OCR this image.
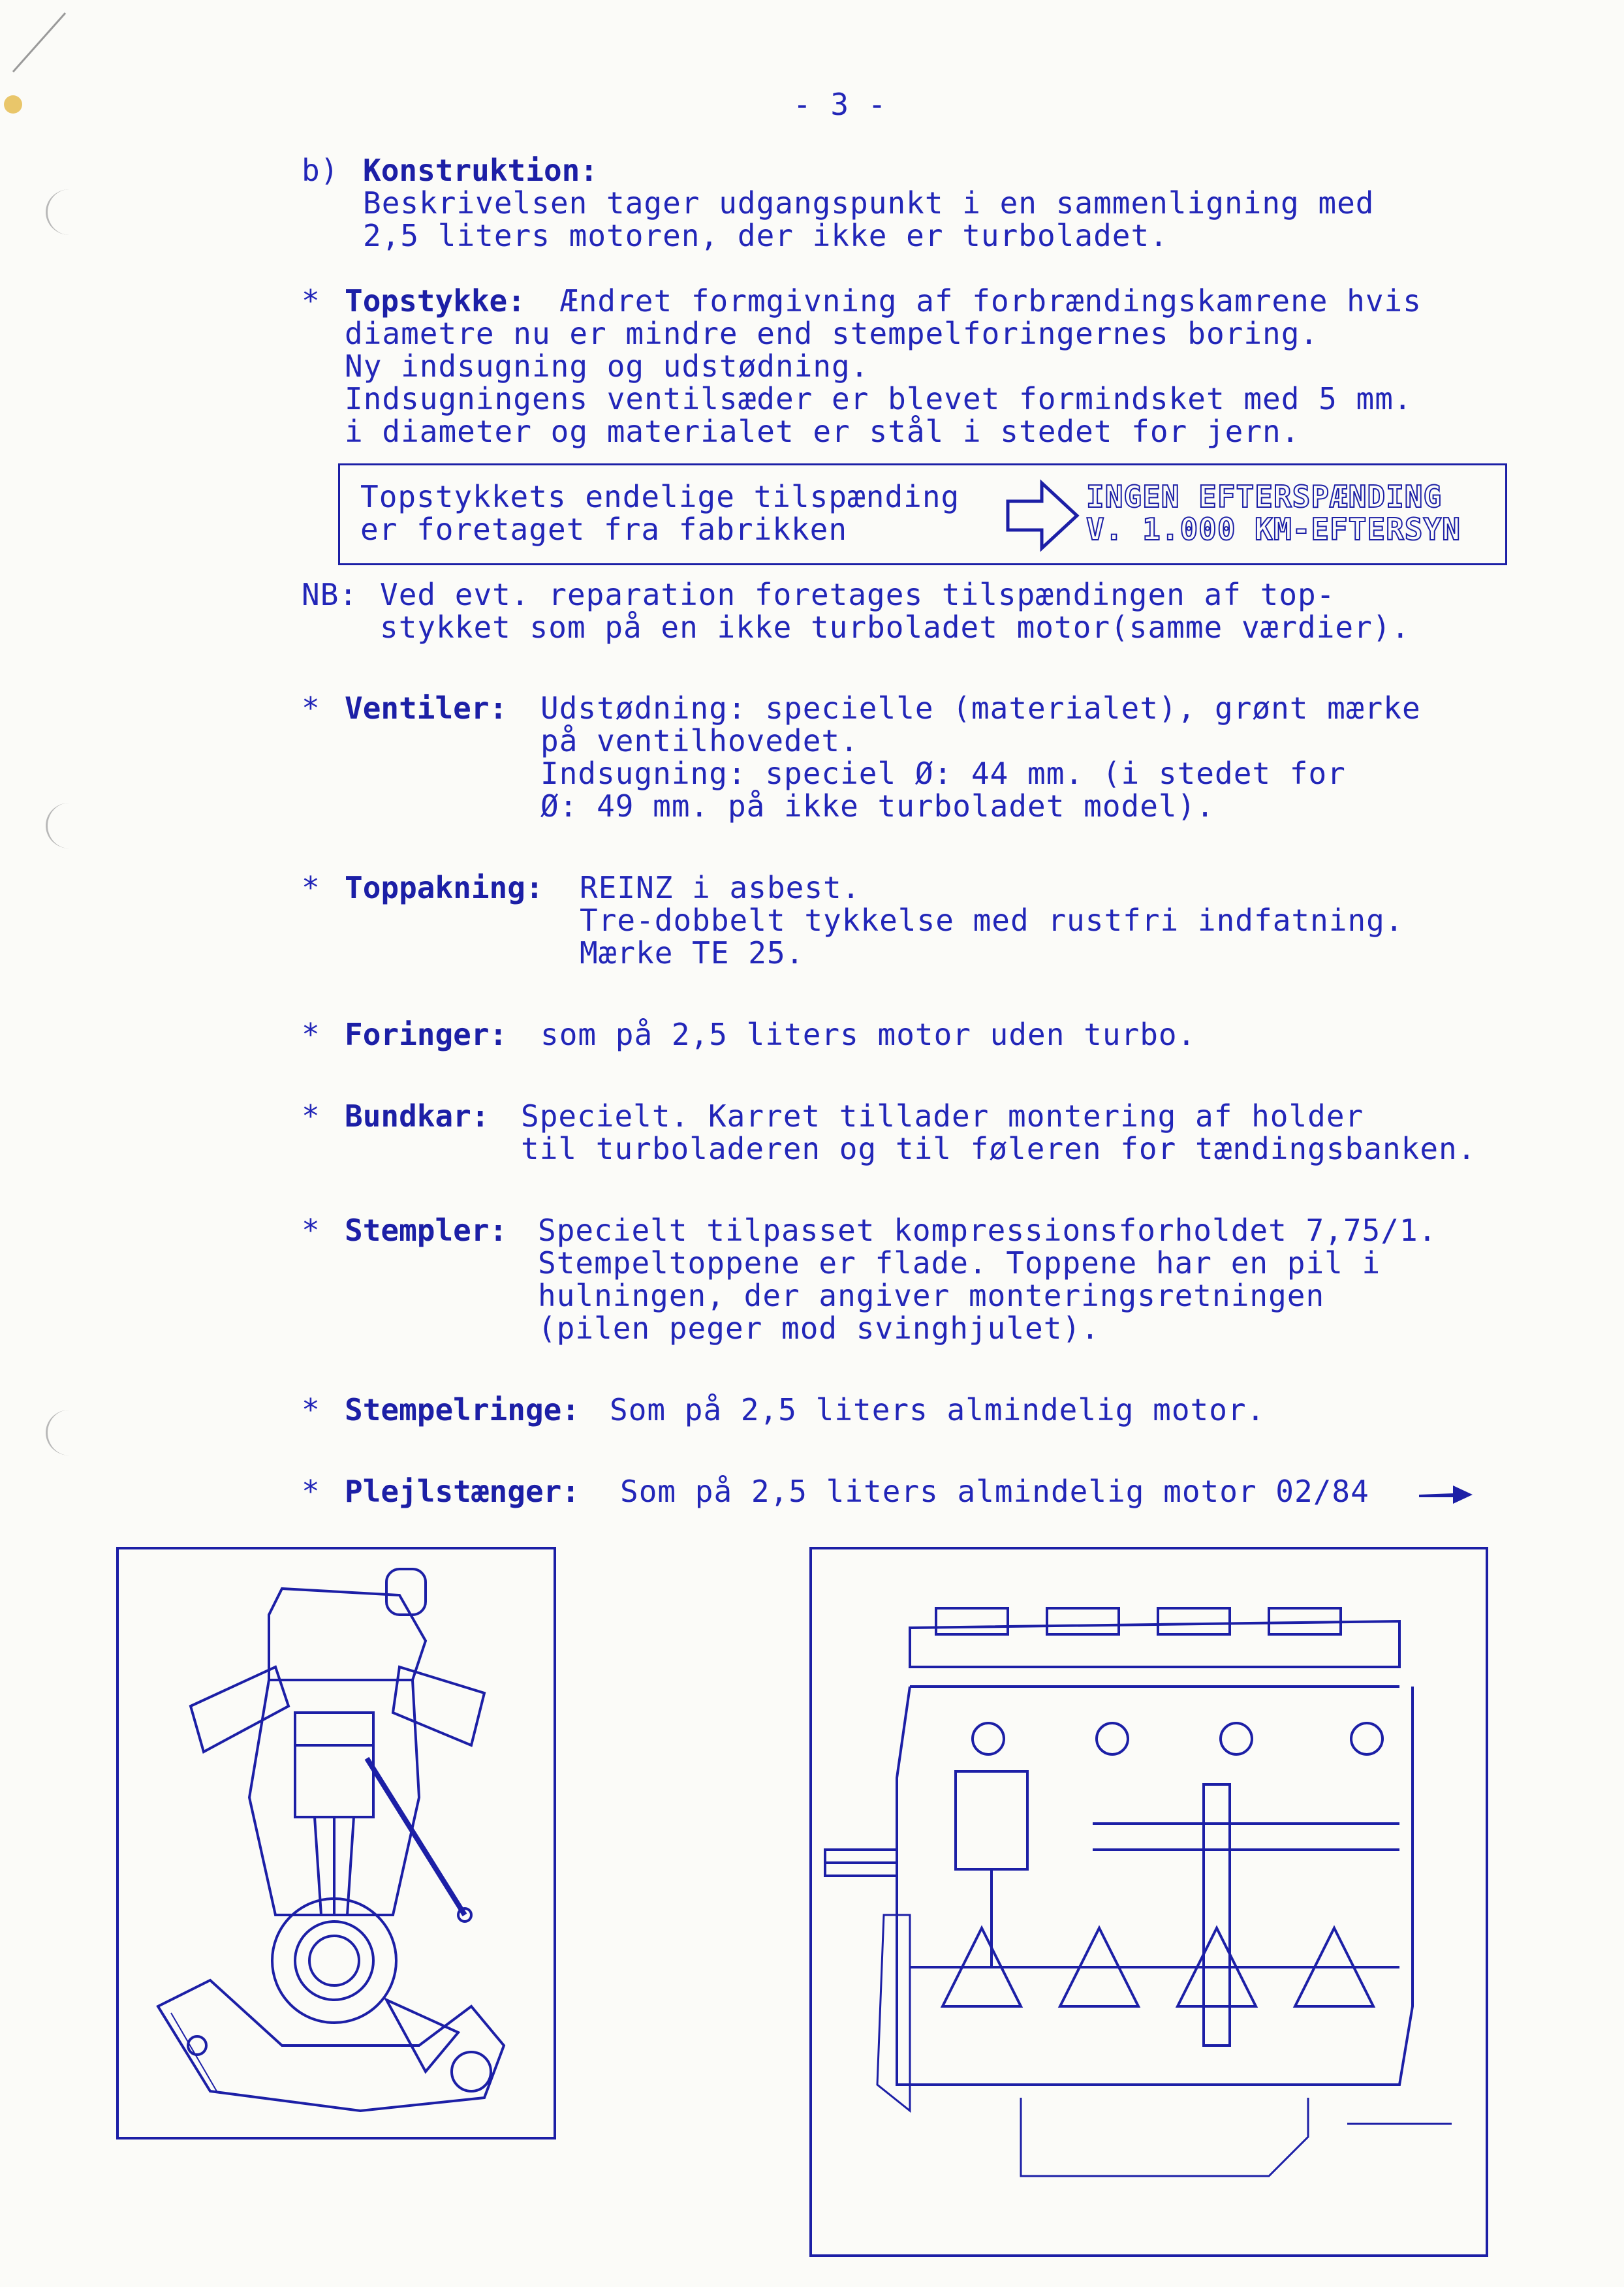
- 3 -
b) Konstruktion:
Beskrivelsen tager udgangspunkt i en sammenligning med
2,5 liters motoren, der ikke er turboladet.
* Topstykke: Ændret formgivning af forbrændingskamrene hvis
diametre nu er mindre end stempelforingernes boring.
Ny indsugning og udstødning.
Indsugningens ventilsæder er blevet formindsket med 5 mm.
i diameter og materialet er stål i stedet for jern.
Topstykkets endelige tilspænding
er foretaget fra fabrikken
INGEN EFTERSPÆNDING
V. 1.000 KM-EFTERSYN
NB: Ved evt. reparation foretages tilspændingen af top-
stykket som på en ikke turboladet motor(samme værdier).
* Ventiler: Udstødning: specielle (materialet), grønt mærke
på ventilhovedet.
Indsugning: speciel Ø: 44 mm. (i stedet for
Ø: 49 mm. på ikke turboladet model).
* Toppakning: REINZ i asbest.
Tre-dobbelt tykkelse med rustfri indfatning.
Mærke TE 25.
* Foringer: som på 2,5 liters motor uden turbo.
* Bundkar: Specielt. Karret tillader montering af holder
til turboladeren og til føleren for tændingsbanken.
* Stempler: Specielt tilpasset kompressionsforholdet 7,75/1.
Stempeltoppene er flade. Toppene har en pil i
hulningen, der angiver monteringsretningen
(pilen peger mod svinghjulet).
* Stempelringe: Som på 2,5 liters almindelig motor.
* Plejlstænger: Som på 2,5 liters almindelig motor 02/84
